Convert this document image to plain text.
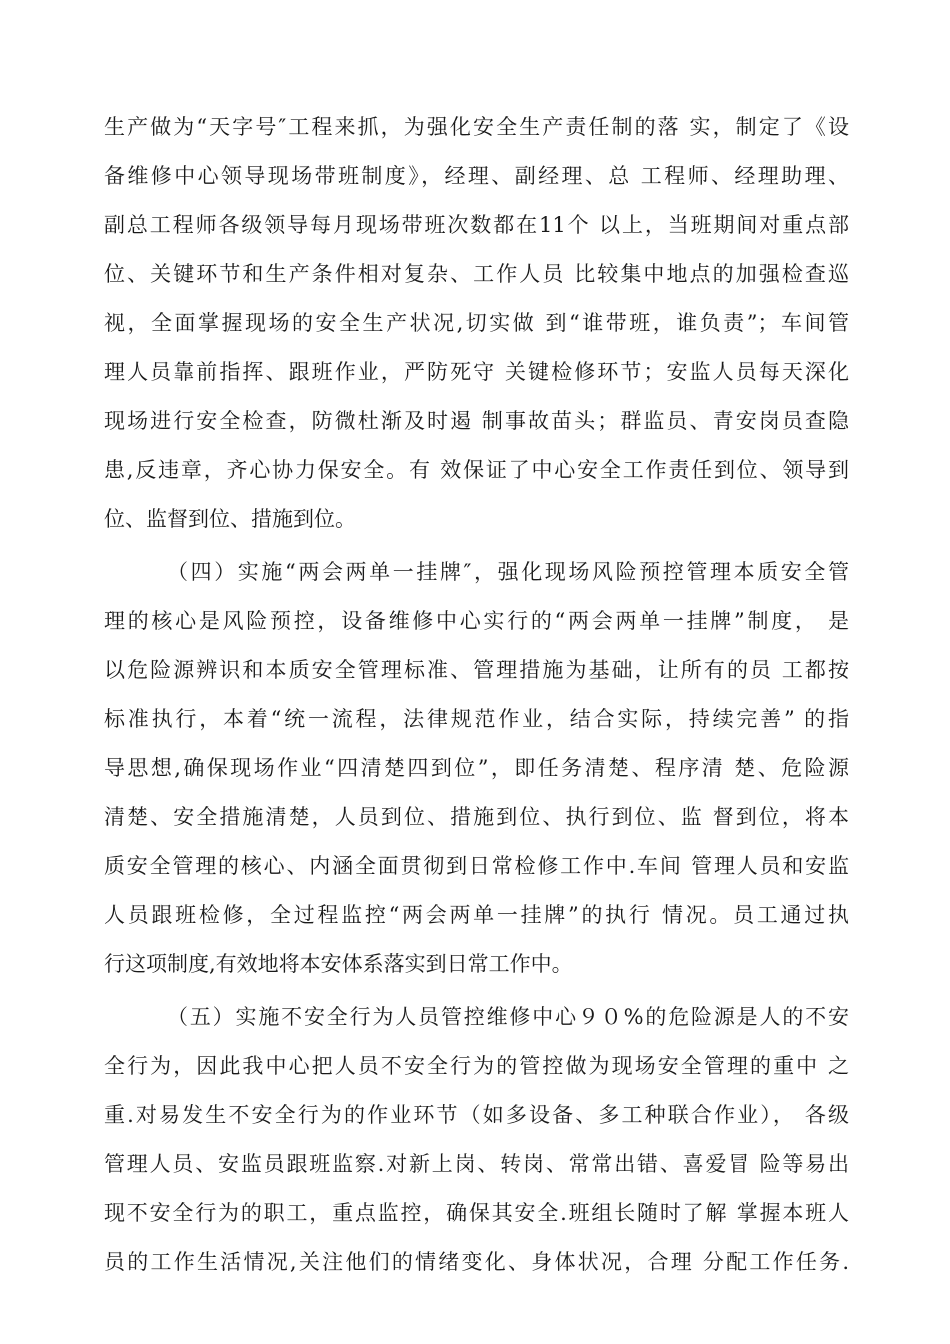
生产做为“天字号″工程来抓，为强化安全生产责任制的落 实，制定了《设
备维修中心领导现场带班制度》，经理、副经理、总 工程师、经理助理、
副总工程师各级领导每月现场带班次数都在11个 以上，当班期间对重点部
位、关键环节和生产条件相对复杂、工作人员 比较集中地点的加强检查巡
视，全面掌握现场的安全生产状况,切实做 到“谁带班，谁负责”；车间管
理人员靠前指挥、跟班作业，严防死守 关键检修环节；安监人员每天深化
现场进行安全检查，防微杜渐及时遏 制事故苗头；群监员、青安岗员查隐
患,反违章，齐心协力保安全。有 效保证了中心安全工作责任到位、领导到
位、监督到位、措施到位。
（四）实施“两会两单一挂牌″，强化现场风险预控管理本质安全管
理的核心是风险预控，设备维修中心实行的“两会两单一挂牌”制度， 是
以危险源辨识和本质安全管理标准、管理措施为基础，让所有的员 工都按
标准执行，本着“统一流程，法律规范作业，结合实际，持续完善” 的指
导思想,确保现场作业“四清楚四到位”，即任务清楚、程序清 楚、危险源
清楚、安全措施清楚，人员到位、措施到位、执行到位、监 督到位，将本
质安全管理的核心、内涵全面贯彻到日常检修工作中.车间 管理人员和安监
人员跟班检修，全过程监控“两会两单一挂牌”的执行 情况。员工通过执
行这项制度,有效地将本安体系落实到日常工作中。
（五）实施不安全行为人员管控维修中心９０%的危险源是人的不安
全行为，因此我中心把人员不安全行为的管控做为现场安全管理的重中 之
重.对易发生不安全行为的作业环节（如多设备、多工种联合作业）， 各级
管理人员、安监员跟班监察.对新上岗、转岗、常常出错、喜爱冒 险等易出
现不安全行为的职工，重点监控，确保其安全.班组长随时了解 掌握本班人
员的工作生活情况,关注他们的情绪变化、身体状况，合理 分配工作任务.
